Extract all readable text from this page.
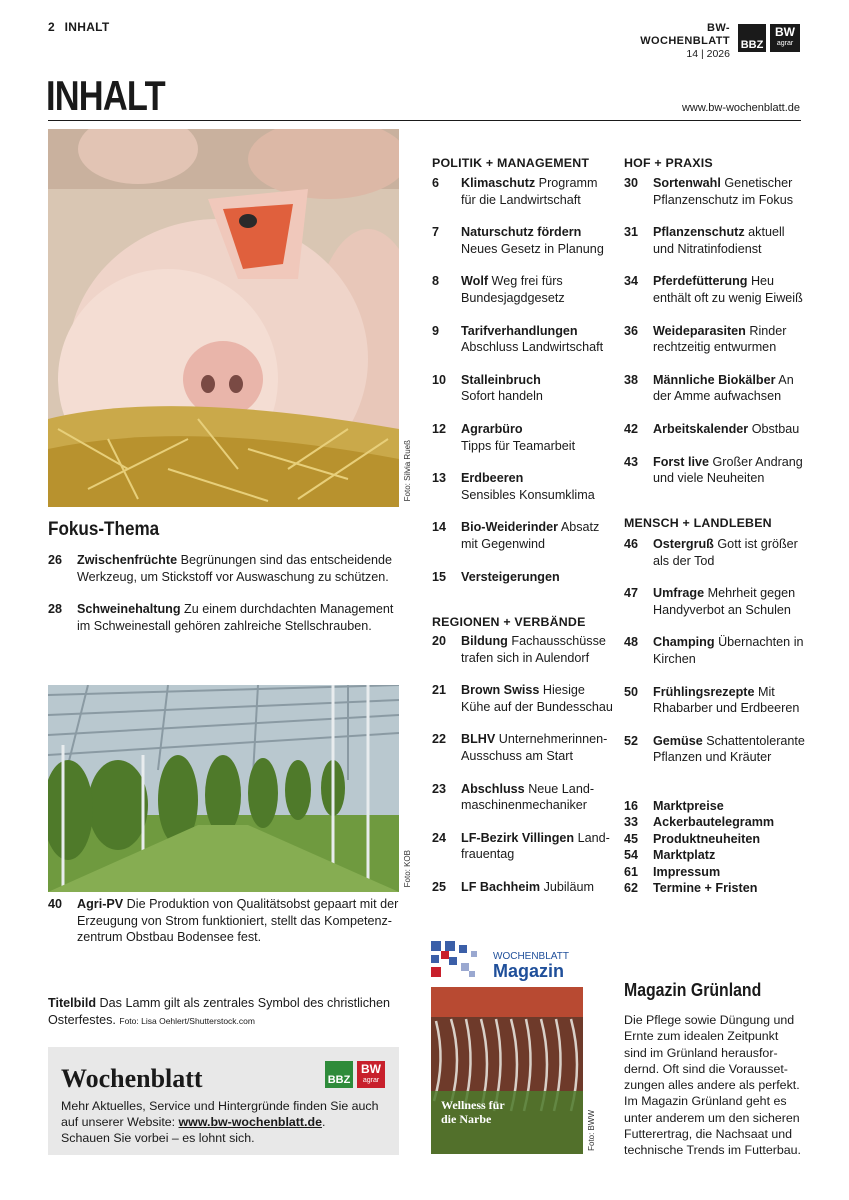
2 INHALT	BW-WOCHENBLATT
14 | 2026
BBZ
BW
agrar
INHALT	www.bw-wochenblatt.de
Foto: Silvia Rueß
Fokus-Thema
26 Zwischenfrüchte Begrünungen sind das entscheidende
Werkzeug, um Stickstoff vor Auswaschung zu schützen.
28 Schweinehaltung Zu einem durchdachten Management
im Schweinestall gehören zahlreiche Stellschrauben.
Foto: KOB
40 Agri-PV Die Produktion von Qualitätsobst gepaart mit der
Erzeugung von Strom funktioniert, stellt das Kompetenz-
zentrum Obstbau Bodensee fest.
Titelbild Das Lamm gilt als zentrales Symbol des christlichen
Osterfestes. Foto: Lisa Oehlert/Shutterstock.com
Wochenblatt	BBZ
BW
agrar
Mehr Aktuelles, Service und Hintergründe finden Sie auch
auf unserer Website: www.bw-wochenblatt.de.
Schauen Sie vorbei – es lohnt sich.
POLITIK + MANAGEMENT
6 Klimaschutz Programm
für die Landwirtschaft
7 Naturschutz fördern
Neues Gesetz in Planung
8 Wolf Weg frei fürs
Bundesjagdgesetz
9 Tarifverhandlungen
Abschluss Landwirtschaft
10 Stalleinbruch
Sofort handeln
12 Agrarbüro
Tipps für Teamarbeit
13 Erdbeeren
Sensibles Konsumklima
14 Bio-Weiderinder Absatz
mit Gegenwind
15 Versteigerungen
REGIONEN + VERBÄNDE
20 Bildung Fachausschüsse
trafen sich in Aulendorf
21 Brown Swiss Hiesige
Kühe auf der Bundesschau
22 BLHV Unternehmerinnen-
Ausschuss am Start
23 Abschluss Neue Land-
maschinenmechaniker
24 LF-Bezirk Villingen Land-
frauentag
25 LF Bachheim Jubiläum
HOF + PRAXIS
30 Sortenwahl Genetischer
Pflanzenschutz im Fokus
31 Pflanzenschutz aktuell
und Nitratinfodienst
34 Pferdefütterung Heu
enthält oft zu wenig Eiweiß
36 Weideparasiten Rinder
rechtzeitig entwurmen
38 Männliche Biokälber An
der Amme aufwachsen
42 Arbeitskalender Obstbau
43 Forst live Großer Andrang
und viele Neuheiten
MENSCH + LANDLEBEN
46 Ostergruß Gott ist größer
als der Tod
47 Umfrage Mehrheit gegen
Handyverbot an Schulen
48 Champing Übernachten in
Kirchen
50 Frühlingsrezepte Mit
Rhabarber und Erdbeeren
52 Gemüse Schattentolerante
Pflanzen und Kräuter
16 Marktpreise
33 Ackerbautelegramm
45 Produktneuheiten
54 Marktplatz
61 Impressum
62 Termine + Fristen
WOCHENBLATT
Magazin
Wellness für
die Narbe	Foto: BWW
Magazin Grünland
Die Pflege sowie Düngung und
Ernte zum idealen Zeitpunkt
sind im Grünland herausfor-
dernd. Oft sind die Vorausset-
zungen alles andere als perfekt.
Im Magazin Grünland geht es
unter anderem um den sicheren
Futterertrag, die Nachsaat und
technische Trends im Futterbau.
